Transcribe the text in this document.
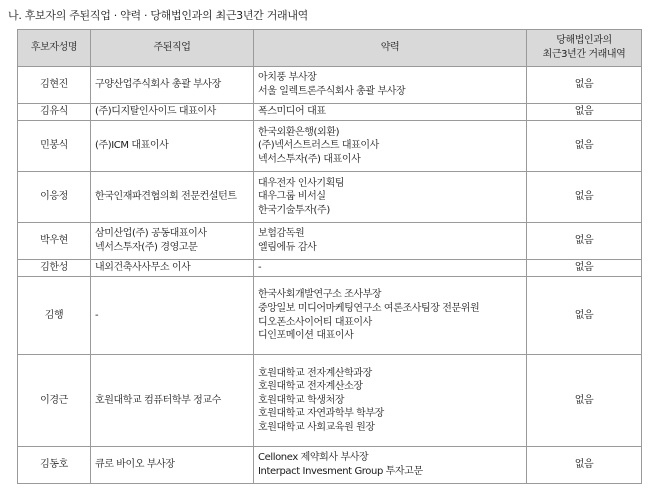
나. 후보자의 주된직업 · 약력 · 당해법인과의 최근3년간 거래내역
후보자성명	주된직업	약력	당해법인과의
최근3년간 거래내역

김현진	구양산업주식회사 총괄 부사장	아치풍 부사장
서울 일렉트론주식회사 총괄 부사장	없음
김유식	(주)디지탈인사이드 대표이사	폭스미디어 대표	없음
민봉식	(주)ICM 대표이사	한국외환은행(외환)
(주)넥서스트러스트 대표이사
넥서스투자(주) 대표이사	없음
이응정	한국인재파견협의회 전문컨설턴트	대우전자 인사기획팀
대우그룹 비서실
한국기술투자(주)	없음
박우현	삼미산업(주) 공동대표이사
넥서스투자(주) 경영고문	보험감독원
엘림에듀 감사	없음
김한성	내외건축사사무소 이사	-	없음
김행	-	한국사회개발연구소 조사부장
중앙일보 미디어마케팅연구소 여론조사팀장 전문위원
디오폰소사이어티 대표이사
디인포메이션 대표이사	없음
이경근	호원대학교 컴퓨터학부 정교수	호원대학교 전자계산학과장
호원대학교 전자계산소장
호원대학교 학생처장
호원대학교 자연과학부 학부장
호원대학교 사회교육원 원장	없음
김동호	큐로 바이오 부사장	Cellonex 제약회사 부사장
Interpact Invesment Group 투자고문	없음
